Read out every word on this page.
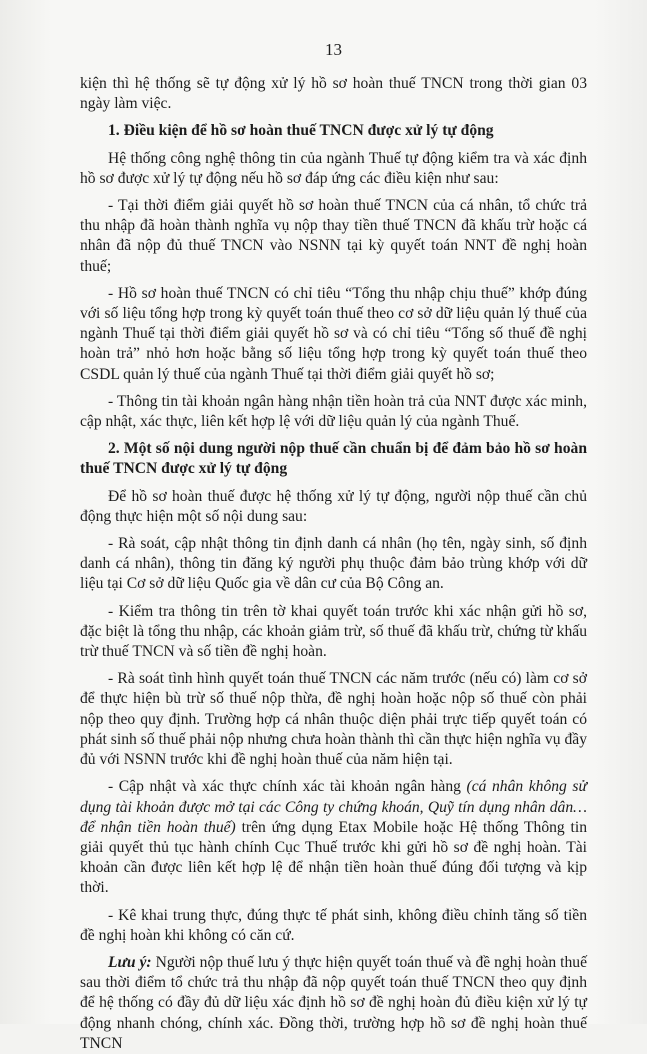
13

kiện thì hệ thống sẽ tự động xử lý hồ sơ hoàn thuế TNCN trong thời gian 03 ngày làm việc.

1. Điều kiện để hồ sơ hoàn thuế TNCN được xử lý tự động

Hệ thống công nghệ thông tin của ngành Thuế tự động kiểm tra và xác định hồ sơ được xử lý tự động nếu hồ sơ đáp ứng các điều kiện như sau:

- Tại thời điểm giải quyết hồ sơ hoàn thuế TNCN của cá nhân, tổ chức trả thu nhập đã hoàn thành nghĩa vụ nộp thay tiền thuế TNCN đã khấu trừ hoặc cá nhân đã nộp đủ thuế TNCN vào NSNN tại kỳ quyết toán NNT đề nghị hoàn thuế;

- Hồ sơ hoàn thuế TNCN có chỉ tiêu “Tổng thu nhập chịu thuế” khớp đúng với số liệu tổng hợp trong kỳ quyết toán thuế theo cơ sở dữ liệu quản lý thuế của ngành Thuế tại thời điểm giải quyết hồ sơ và có chỉ tiêu “Tổng số thuế đề nghị hoàn trả” nhỏ hơn hoặc bằng số liệu tổng hợp trong kỳ quyết toán thuế theo CSDL quản lý thuế của ngành Thuế tại thời điểm giải quyết hồ sơ;

- Thông tin tài khoản ngân hàng nhận tiền hoàn trả của NNT được xác minh, cập nhật, xác thực, liên kết hợp lệ với dữ liệu quản lý của ngành Thuế.

2. Một số nội dung người nộp thuế cần chuẩn bị để đảm bảo hồ sơ hoàn thuế TNCN được xử lý tự động

Để hồ sơ hoàn thuế được hệ thống xử lý tự động, người nộp thuế cần chủ động thực hiện một số nội dung sau:

- Rà soát, cập nhật thông tin định danh cá nhân (họ tên, ngày sinh, số định danh cá nhân), thông tin đăng ký người phụ thuộc đảm bảo trùng khớp với dữ liệu tại Cơ sở dữ liệu Quốc gia về dân cư của Bộ Công an.

- Kiểm tra thông tin trên tờ khai quyết toán trước khi xác nhận gửi hồ sơ, đặc biệt là tổng thu nhập, các khoản giảm trừ, số thuế đã khấu trừ, chứng từ khấu trừ thuế TNCN và số tiền đề nghị hoàn.

- Rà soát tình hình quyết toán thuế TNCN các năm trước (nếu có) làm cơ sở để thực hiện bù trừ số thuế nộp thừa, đề nghị hoàn hoặc nộp số thuế còn phải nộp theo quy định. Trường hợp cá nhân thuộc diện phải trực tiếp quyết toán có phát sinh số thuế phải nộp nhưng chưa hoàn thành thì cần thực hiện nghĩa vụ đầy đủ với NSNN trước khi đề nghị hoàn thuế của năm hiện tại.

- Cập nhật và xác thực chính xác tài khoản ngân hàng (cá nhân không sử dụng tài khoản được mở tại các Công ty chứng khoán, Quỹ tín dụng nhân dân… để nhận tiền hoàn thuế) trên ứng dụng Etax Mobile hoặc Hệ thống Thông tin giải quyết thủ tục hành chính Cục Thuế trước khi gửi hồ sơ đề nghị hoàn. Tài khoản cần được liên kết hợp lệ để nhận tiền hoàn thuế đúng đối tượng và kịp thời.

- Kê khai trung thực, đúng thực tế phát sinh, không điều chỉnh tăng số tiền đề nghị hoàn khi không có căn cứ.

Lưu ý: Người nộp thuế lưu ý thực hiện quyết toán thuế và đề nghị hoàn thuế sau thời điểm tổ chức trả thu nhập đã nộp quyết toán thuế TNCN theo quy định để hệ thống có đầy đủ dữ liệu xác định hồ sơ đề nghị hoàn đủ điều kiện xử lý tự động nhanh chóng, chính xác. Đồng thời, trường hợp hồ sơ đề nghị hoàn thuế TNCN
